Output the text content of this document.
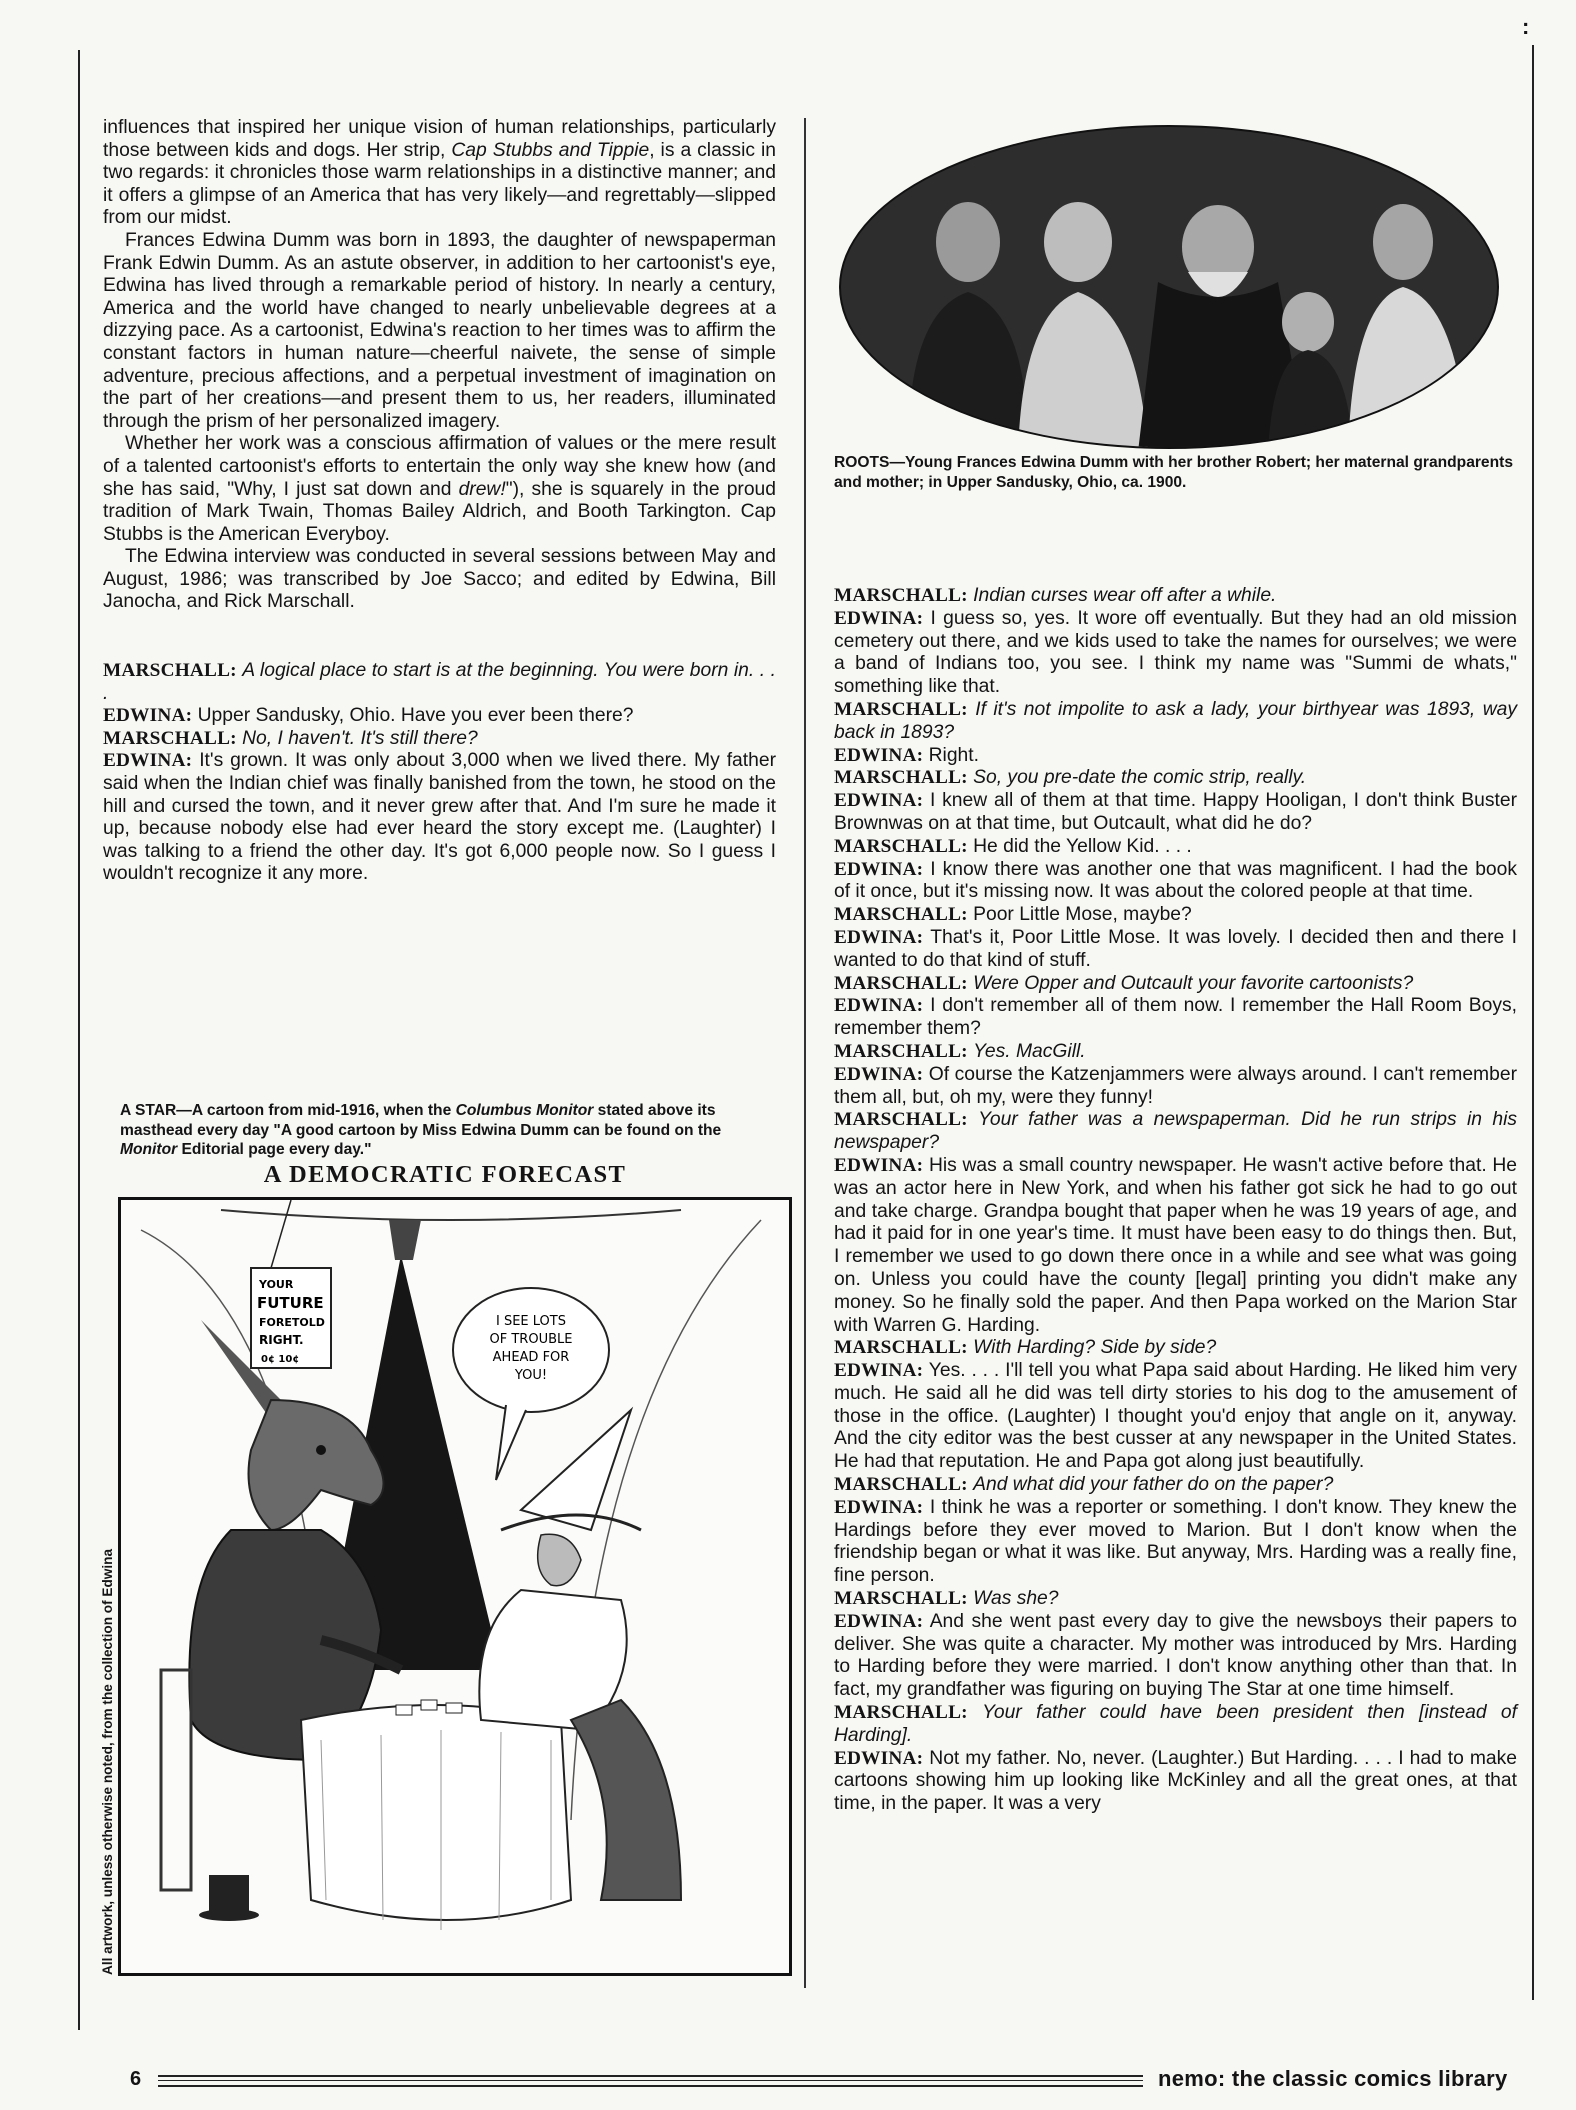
:

influences that inspired her unique vision of human relationships, particularly those between kids and dogs. Her strip, Cap Stubbs and Tippie, is a classic in two regards: it chronicles those warm relationships in a distinctive manner; and it offers a glimpse of an America that has very likely—and regrettably—slipped from our midst.

Frances Edwina Dumm was born in 1893, the daughter of newspaperman Frank Edwin Dumm. As an astute observer, in addition to her cartoonist's eye, Edwina has lived through a remarkable period of history. In nearly a century, America and the world have changed to nearly unbelievable degrees at a dizzying pace. As a cartoonist, Edwina's reaction to her times was to affirm the constant factors in human nature—cheerful naivete, the sense of simple adventure, precious affections, and a perpetual investment of imagination on the part of her creations—and present them to us, her readers, illuminated through the prism of her personalized imagery.

Whether her work was a conscious affirmation of values or the mere result of a talented cartoonist's efforts to entertain the only way she knew how (and she has said, "Why, I just sat down and drew!"), she is squarely in the proud tradition of Mark Twain, Thomas Bailey Aldrich, and Booth Tarkington. Cap Stubbs is the American Everyboy.

The Edwina interview was conducted in several sessions between May and August, 1986; was transcribed by Joe Sacco; and edited by Edwina, Bill Janocha, and Rick Marschall.

MARSCHALL: A logical place to start is at the beginning. You were born in. . . .

EDWINA: Upper Sandusky, Ohio. Have you ever been there?

MARSCHALL: No, I haven't. It's still there?

EDWINA: It's grown. It was only about 3,000 when we lived there. My father said when the Indian chief was finally banished from the town, he stood on the hill and cursed the town, and it never grew after that. And I'm sure he made it up, because nobody else had ever heard the story except me. (Laughter) I was talking to a friend the other day. It's got 6,000 people now. So I guess I wouldn't recognize it any more.

A STAR—A cartoon from mid-1916, when the Columbus Monitor stated above its masthead every day "A good cartoon by Miss Edwina Dumm can be found on the Monitor Editorial page every day."
A DEMOCRATIC FORECAST
YOUR
FUTURE
FORETOLD
RIGHT.
0¢ 10¢
I SEE LOTS
OF TROUBLE
AHEAD FOR
YOU!
All artwork, unless otherwise noted, from the collection of Edwina
ROOTS—Young Frances Edwina Dumm with her brother Robert; her maternal grandparents and mother; in Upper Sandusky, Ohio, ca. 1900.

MARSCHALL: Indian curses wear off after a while.

EDWINA: I guess so, yes. It wore off eventually. But they had an old mission cemetery out there, and we kids used to take the names for ourselves; we were a band of Indians too, you see. I think my name was "Summi de whats," something like that.

MARSCHALL: If it's not impolite to ask a lady, your birthyear was 1893, way back in 1893?

EDWINA: Right.

MARSCHALL: So, you pre-date the comic strip, really.

EDWINA: I knew all of them at that time. Happy Hooligan, I don't think Buster Brownwas on at that time, but Outcault, what did he do?

MARSCHALL: He did the Yellow Kid. . . .

EDWINA: I know there was another one that was magnificent. I had the book of it once, but it's missing now. It was about the colored people at that time.

MARSCHALL: Poor Little Mose, maybe?

EDWINA: That's it, Poor Little Mose. It was lovely. I decided then and there I wanted to do that kind of stuff.

MARSCHALL: Were Opper and Outcault your favorite cartoonists?

EDWINA: I don't remember all of them now. I remember the Hall Room Boys, remember them?

MARSCHALL: Yes. MacGill.

EDWINA: Of course the Katzenjammers were always around. I can't remember them all, but, oh my, were they funny!

MARSCHALL: Your father was a newspaperman. Did he run strips in his newspaper?

EDWINA: His was a small country newspaper. He wasn't active before that. He was an actor here in New York, and when his father got sick he had to go out and take charge. Grandpa bought that paper when he was 19 years of age, and had it paid for in one year's time. It must have been easy to do things then. But, I remember we used to go down there once in a while and see what was going on. Unless you could have the county [legal] printing you didn't make any money. So he finally sold the paper. And then Papa worked on the Marion Star with Warren G. Harding.

MARSCHALL: With Harding? Side by side?

EDWINA: Yes. . . . I'll tell you what Papa said about Harding. He liked him very much. He said all he did was tell dirty stories to his dog to the amusement of those in the office. (Laughter) I thought you'd enjoy that angle on it, anyway. And the city editor was the best cusser at any newspaper in the United States. He had that reputation. He and Papa got along just beautifully.

MARSCHALL: And what did your father do on the paper?

EDWINA: I think he was a reporter or something. I don't know. They knew the Hardings before they ever moved to Marion. But I don't know when the friendship began or what it was like. But anyway, Mrs. Harding was a really fine, fine person.

MARSCHALL: Was she?

EDWINA: And she went past every day to give the newsboys their papers to deliver. She was quite a character. My mother was introduced by Mrs. Harding to Harding before they were married. I don't know anything other than that. In fact, my grandfather was figuring on buying The Star at one time himself.

MARSCHALL: Your father could have been president then [instead of Harding].

EDWINA: Not my father. No, never. (Laughter.) But Harding. . . . I had to make cartoons showing him up looking like McKinley and all the great ones, at that time, in the paper. It was a very

6	nemo: the classic comics library
